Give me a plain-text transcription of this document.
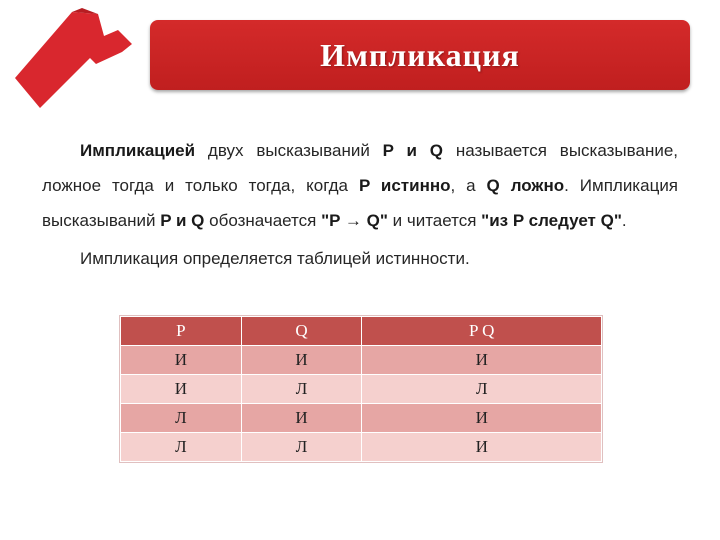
Импликация
Импликацией двух высказываний P и Q называется высказывание, ложное тогда и только тогда, когда P истинно, а Q ложно. Импликация высказываний P и Q обозначается "P → Q" и читается "из P следует Q".
Импликация определяется таблицей истинности.
P	Q	P Q
И	И	И
И	Л	Л
Л	И	И
Л	Л	И
